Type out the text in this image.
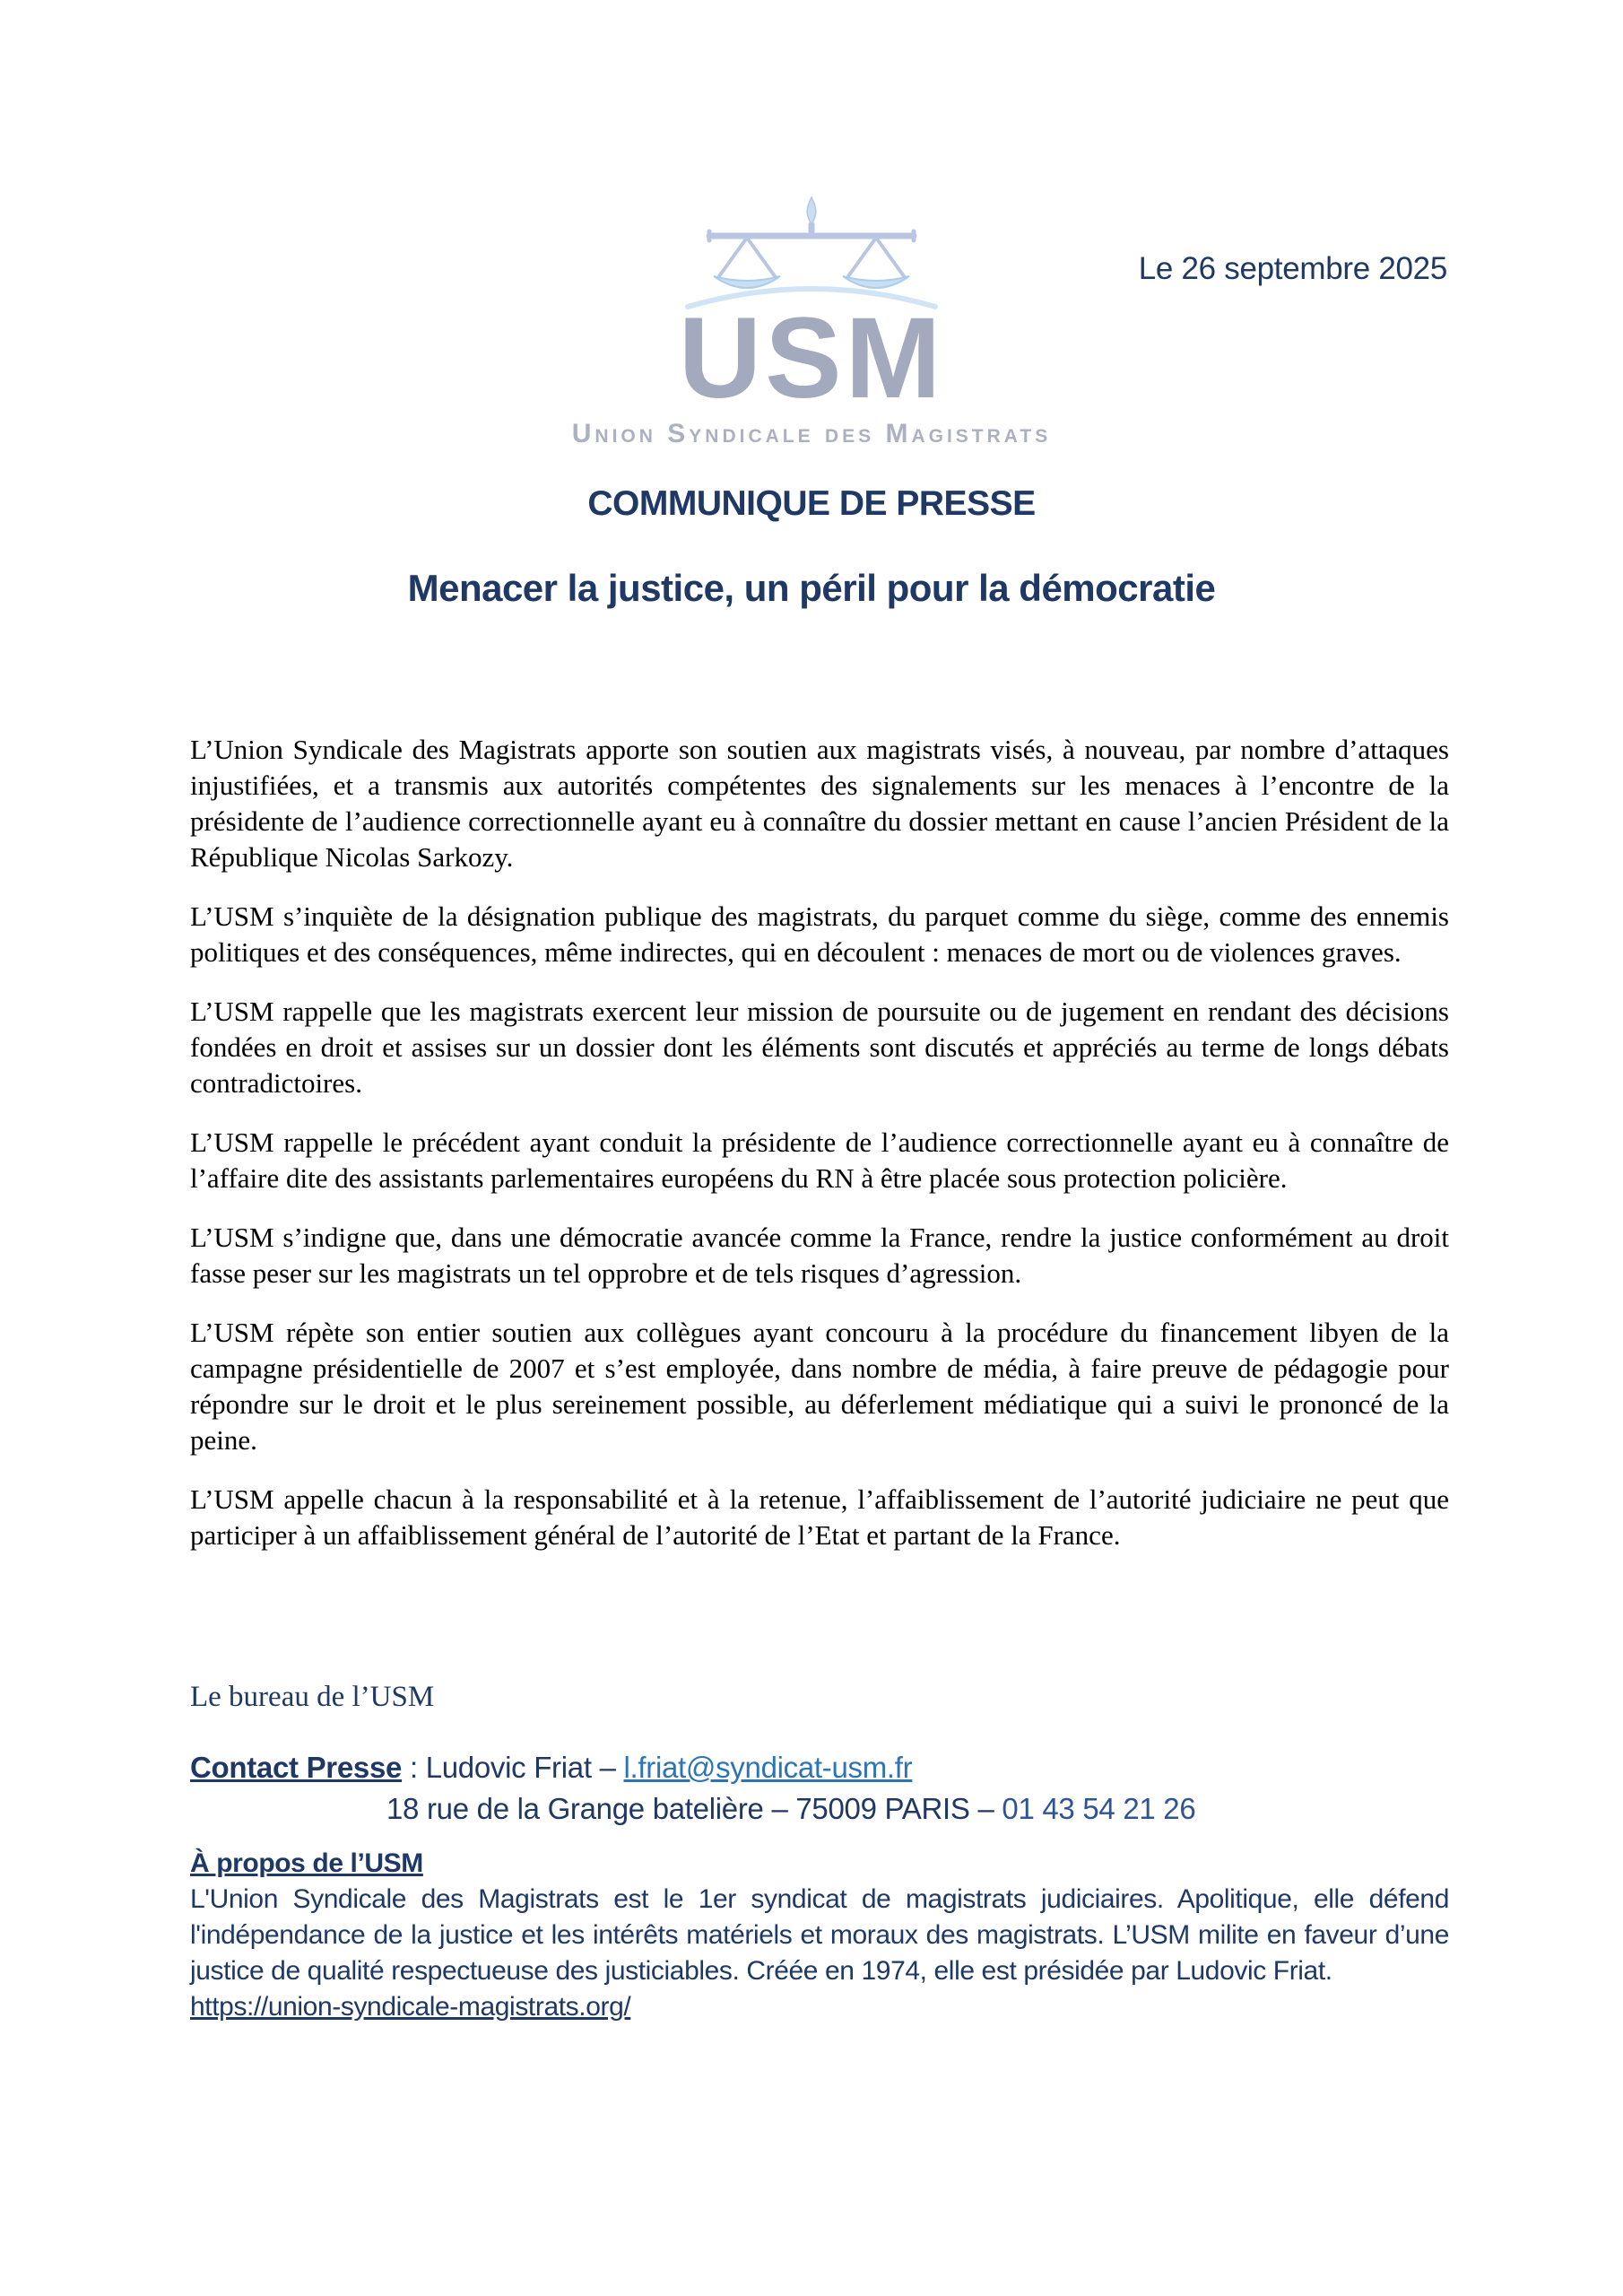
Le 26 septembre 2025
USM
Union Syndicale des Magistrats
COMMUNIQUE DE PRESSE
Menacer la justice, un péril pour la démocratie

L’Union Syndicale des Magistrats apporte son soutien aux magistrats visés, à nouveau, par nombre d’attaques injustifiées, et a transmis aux autorités compétentes des signalements sur les menaces à l’encontre de la présidente de l’audience correctionnelle ayant eu à connaître du dossier mettant en cause l’ancien Président de la République Nicolas Sarkozy.

L’USM s’inquiète de la désignation publique des magistrats, du parquet comme du siège, comme des ennemis politiques et des conséquences, même indirectes, qui en découlent : menaces de mort ou de violences graves.

L’USM rappelle que les magistrats exercent leur mission de poursuite ou de jugement en rendant des décisions fondées en droit et assises sur un dossier dont les éléments sont discutés et appréciés au terme de longs débats contradictoires.

L’USM rappelle le précédent ayant conduit la présidente de l’audience correctionnelle ayant eu à connaître de l’affaire dite des assistants parlementaires européens du RN à être placée sous protection policière.

L’USM s’indigne que, dans une démocratie avancée comme la France, rendre la justice conformément au droit fasse peser sur les magistrats un tel opprobre et de tels risques d’agression.

L’USM répète son entier soutien aux collègues ayant concouru à la procédure du financement libyen de la campagne présidentielle de 2007 et s’est employée, dans nombre de média, à faire preuve de pédagogie pour répondre sur le droit et le plus sereinement possible, au déferlement médiatique qui a suivi le prononcé de la peine.

L’USM appelle chacun à la responsabilité et à la retenue, l’affaiblissement de l’autorité judiciaire ne peut que participer à un affaiblissement général de l’autorité de l’Etat et partant de la France.

Le bureau de l’USM
Contact Presse : Ludovic Friat – l.friat@syndicat-usm.fr
18 rue de la Grange batelière – 75009 PARIS – 01 43 54 21 26
À propos de l’USM
L'Union Syndicale des Magistrats est le 1er syndicat de magistrats judiciaires. Apolitique, elle défend l'indépendance de la justice et les intérêts matériels et moraux des magistrats. L’USM milite en faveur d’une justice de qualité respectueuse des justiciables. Créée en 1974, elle est présidée par Ludovic Friat.
https://union-syndicale-magistrats.org/
